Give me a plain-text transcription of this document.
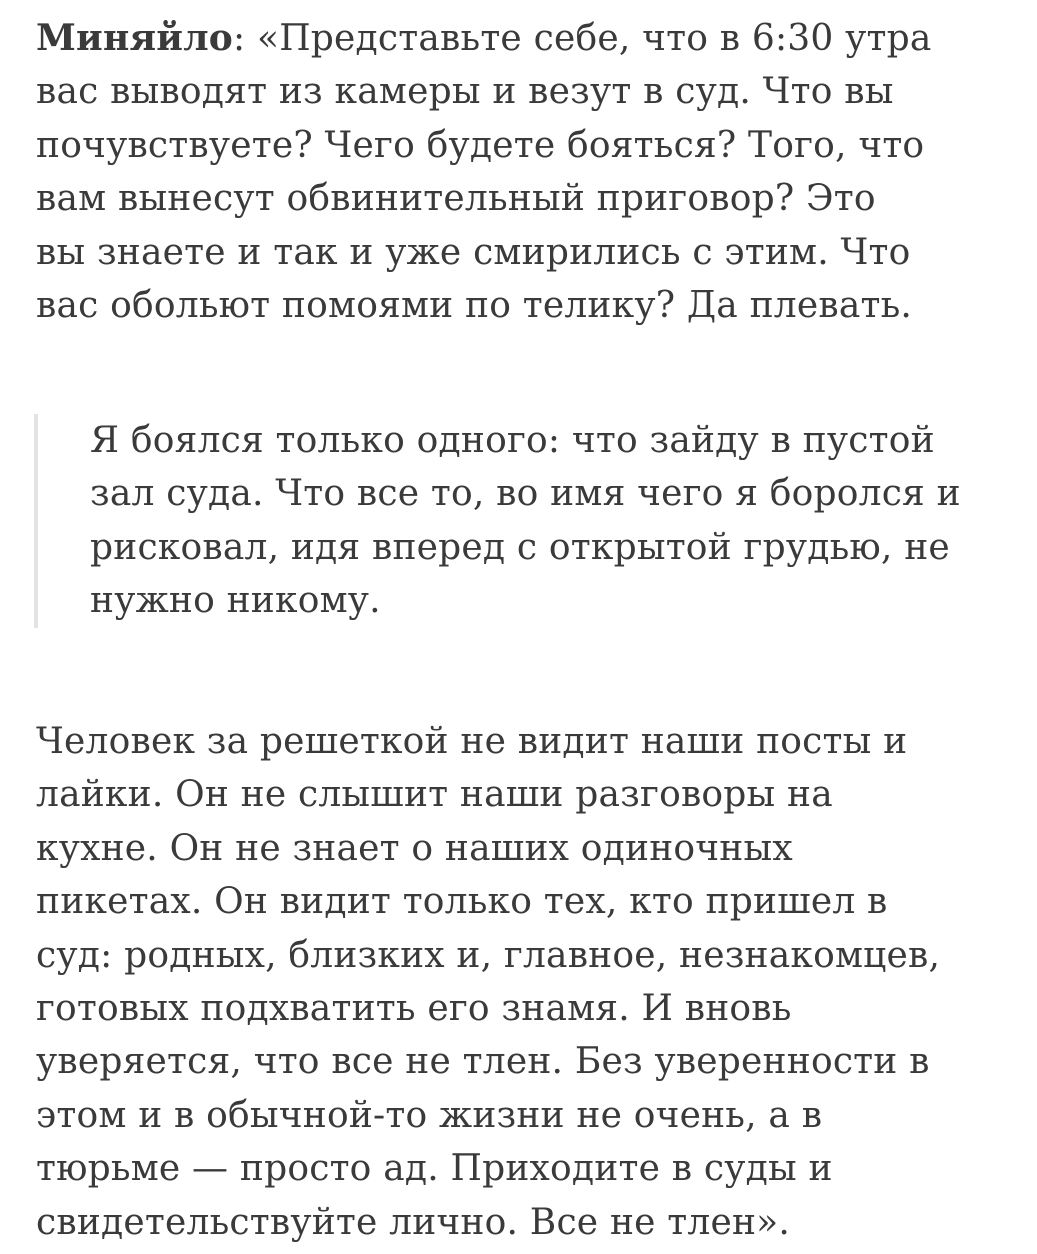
Миняйло: «Представьте себе, что в 6:30 утра
вас выводят из камеры и везут в суд. Что вы
почувствуете? Чего будете бояться? Того, что
вам вынесут обвинительный приговор? Это
вы знаете и так и уже смирились с этим. Что
вас обольют помоями по телику? Да плевать.

Я боялся только одного: что зайду в пустой
зал суда. Что все то, во имя чего я боролся и
рисковал, идя вперед с открытой грудью, не
нужно никому.

Человек за решеткой не видит наши посты и
лайки. Он не слышит наши разговоры на
кухне. Он не знает о наших одиночных
пикетах. Он видит только тех, кто пришел в
суд: родных, близких и, главное, незнакомцев,
готовых подхватить его знамя. И вновь
уверяется, что все не тлен. Без уверенности в
этом и в обычной-то жизни не очень, а в
тюрьме — просто ад. Приходите в суды и
свидетельствуйте лично. Все не тлен».
